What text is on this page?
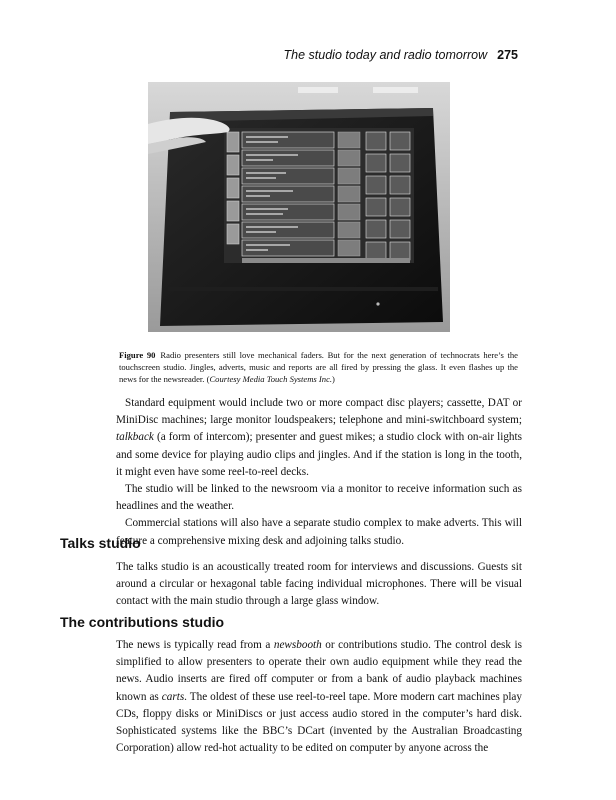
The studio today and radio tomorrow 275

Figure 90 Radio presenters still love mechanical faders. But for the next generation of technocrats here’s the touchscreen studio. Jingles, adverts, music and reports are all fired by pressing the glass. It even flashes up the news for the newsreader. (Courtesy Media Touch Systems Inc.)

Standard equipment would include two or more compact disc players; cassette, DAT or MiniDisc machines; large monitor loudspeakers; telephone and mini-switchboard system; talkback (a form of intercom); presenter and guest mikes; a studio clock with on-air lights and some device for playing audio clips and jingles. And if the station is long in the tooth, it might even have some reel-to-reel decks.

The studio will be linked to the newsroom via a monitor to receive information such as headlines and the weather.

Commercial stations will also have a separate studio complex to make adverts. This will feature a comprehensive mixing desk and adjoining talks studio.

Talks studio

The talks studio is an acoustically treated room for interviews and discussions. Guests sit around a circular or hexagonal table facing individual microphones. There will be visual contact with the main studio through a large glass window.

The contributions studio

The news is typically read from a newsbooth or contributions studio. The control desk is simplified to allow presenters to operate their own audio equipment while they read the news. Audio inserts are fired off computer or from a bank of audio playback machines known as carts. The oldest of these use reel-to-reel tape. More modern cart machines play CDs, floppy disks or MiniDiscs or just access audio stored in the computer’s hard disk. Sophisticated systems like the BBC’s DCart (invented by the Australian Broadcasting Corporation) allow red-hot actuality to be edited on computer by anyone across the
